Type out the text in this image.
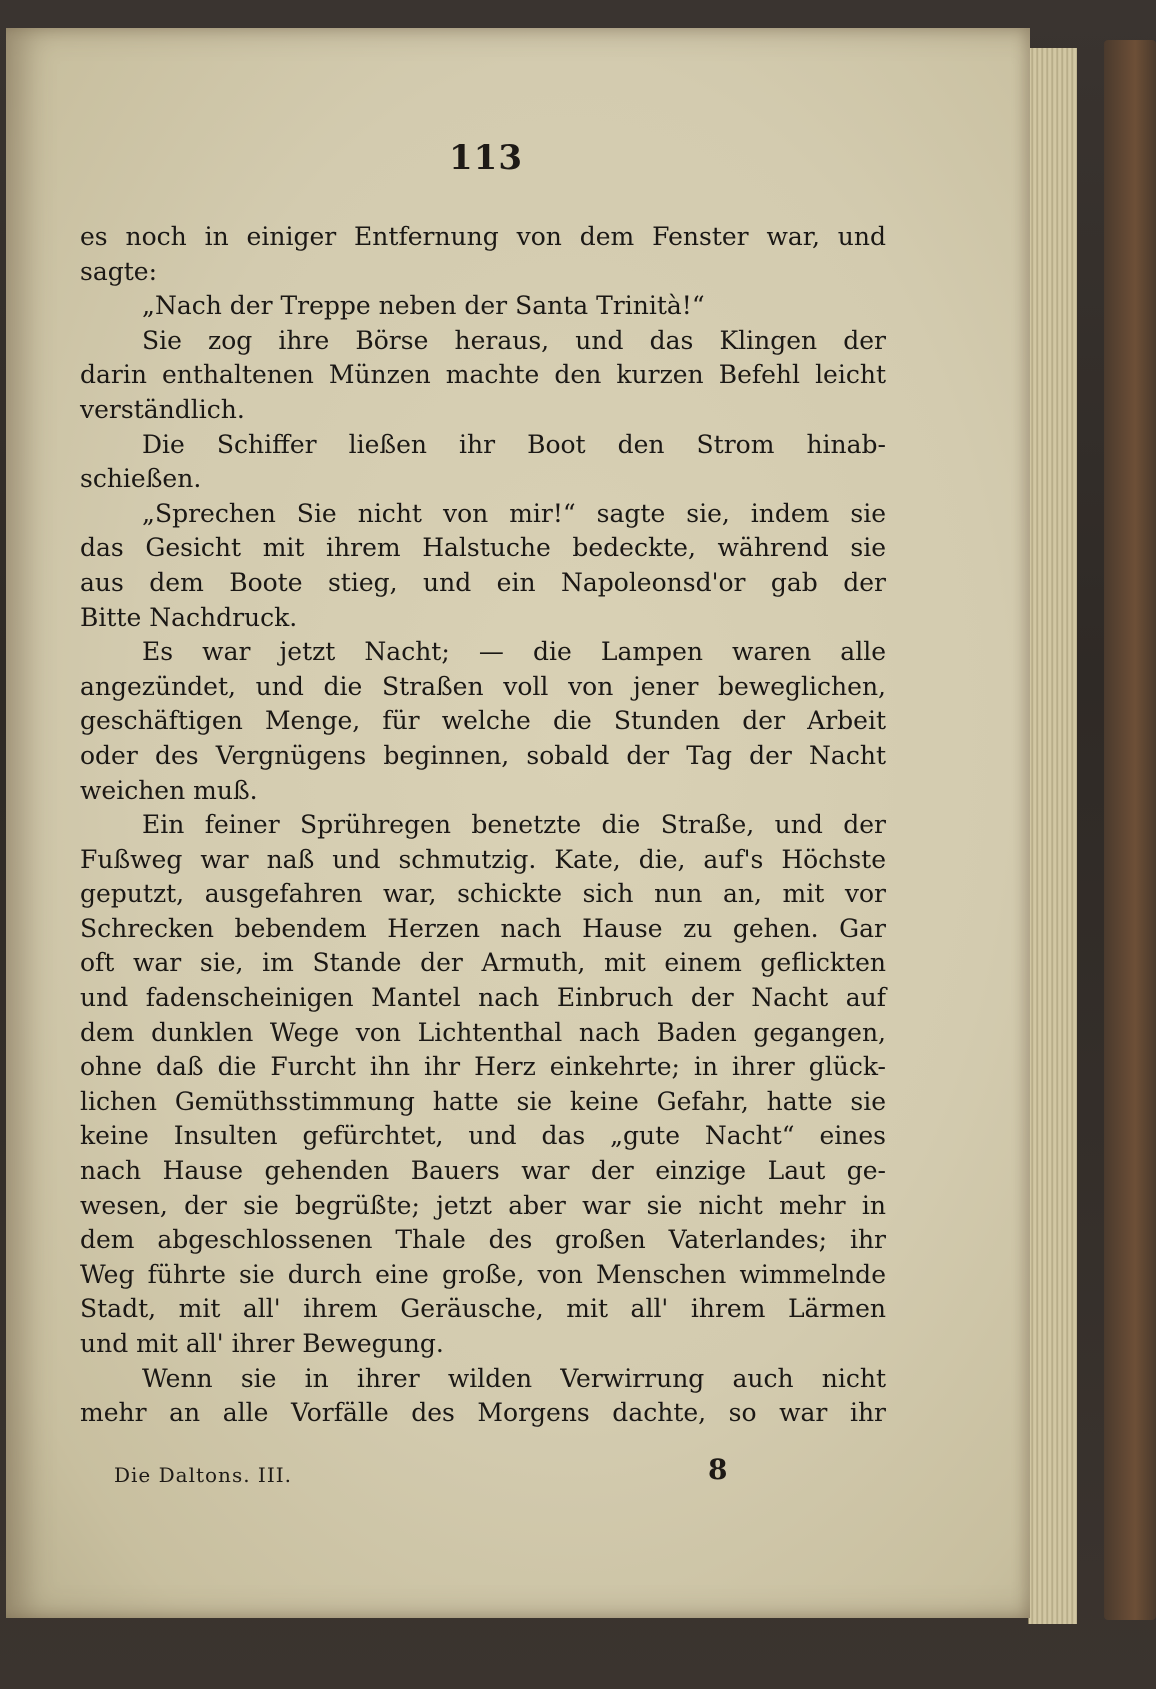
113
es noch in einiger Entfernung von dem Fenster war, und
sagte:
„Nach der Treppe neben der Santa Trinità!“
Sie zog ihre Börse heraus, und das Klingen der
darin enthaltenen Münzen machte den kurzen Befehl leicht
verständlich.
Die Schiffer ließen ihr Boot den Strom hinab-
schießen.
„Sprechen Sie nicht von mir!“ sagte sie, indem sie
das Gesicht mit ihrem Halstuche bedeckte, während sie
aus dem Boote stieg, und ein Napoleonsd'or gab der
Bitte Nachdruck.
Es war jetzt Nacht; — die Lampen waren alle
angezündet, und die Straßen voll von jener beweglichen,
geschäftigen Menge, für welche die Stunden der Arbeit
oder des Vergnügens beginnen, sobald der Tag der Nacht
weichen muß.
Ein feiner Sprühregen benetzte die Straße, und der
Fußweg war naß und schmutzig. Kate, die, auf's Höchste
geputzt, ausgefahren war, schickte sich nun an, mit vor
Schrecken bebendem Herzen nach Hause zu gehen. Gar
oft war sie, im Stande der Armuth, mit einem geflickten
und fadenscheinigen Mantel nach Einbruch der Nacht auf
dem dunklen Wege von Lichtenthal nach Baden gegangen,
ohne daß die Furcht ihn ihr Herz einkehrte; in ihrer glück-
lichen Gemüthsstimmung hatte sie keine Gefahr, hatte sie
keine Insulten gefürchtet, und das „gute Nacht“ eines
nach Hause gehenden Bauers war der einzige Laut ge-
wesen, der sie begrüßte; jetzt aber war sie nicht mehr in
dem abgeschlossenen Thale des großen Vaterlandes; ihr
Weg führte sie durch eine große, von Menschen wimmelnde
Stadt, mit all' ihrem Geräusche, mit all' ihrem Lärmen
und mit all' ihrer Bewegung.
Wenn sie in ihrer wilden Verwirrung auch nicht
mehr an alle Vorfälle des Morgens dachte, so war ihr
Die Daltons. III.	8
